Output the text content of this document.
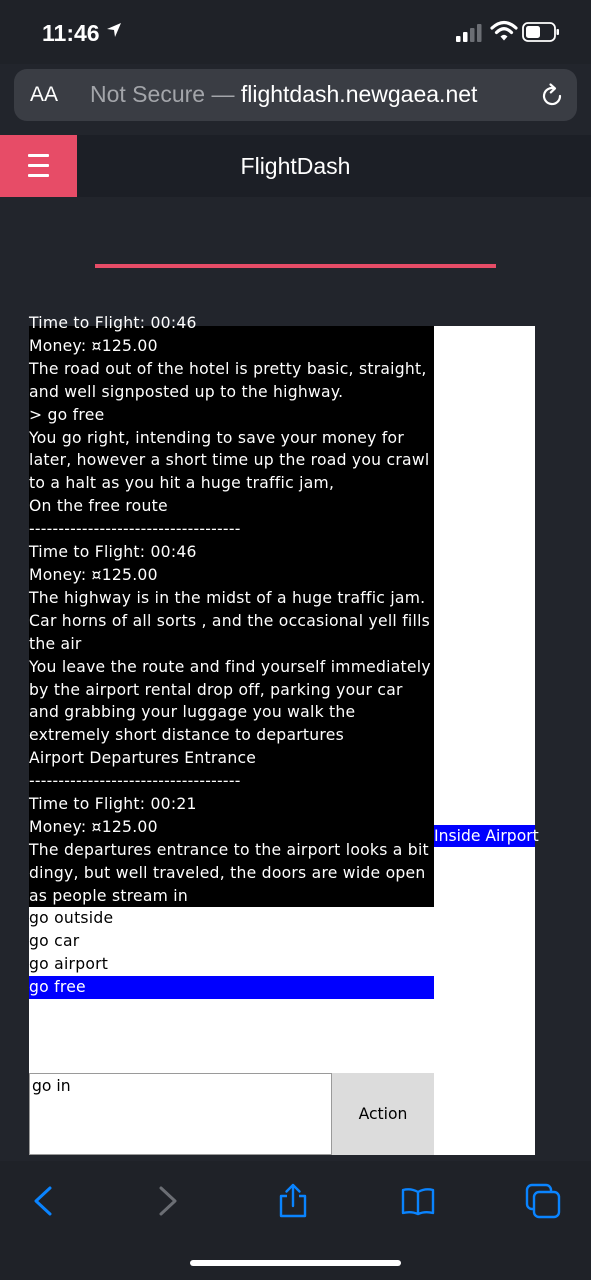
11:46
AA Not Secure — flightdash.newgaea.net
FlightDash
Time to Flight: 00:46
Money: ¤125.00
The road out of the hotel is pretty basic, straight, and well signposted up to the highway.
> go free
You go right, intending to save your money for later, however a short time up the road you crawl to a halt as you hit a huge traffic jam,
On the free route
------------------------------------
Time to Flight: 00:46
Money: ¤125.00
The highway is in the midst of a huge traffic jam. Car horns of all sorts , and the occasional yell fills the air
You leave the route and find yourself immediately by the airport rental drop off, parking your car and grabbing your luggage you walk the extremely short distance to departures
Airport Departures Entrance
------------------------------------
Time to Flight: 00:21
Money: ¤125.00
The departures entrance to the airport looks a bit dingy, but well traveled, the doors are wide open as people stream in
Inside Airport
go outside
go car
go airport
go free
go in
Action
